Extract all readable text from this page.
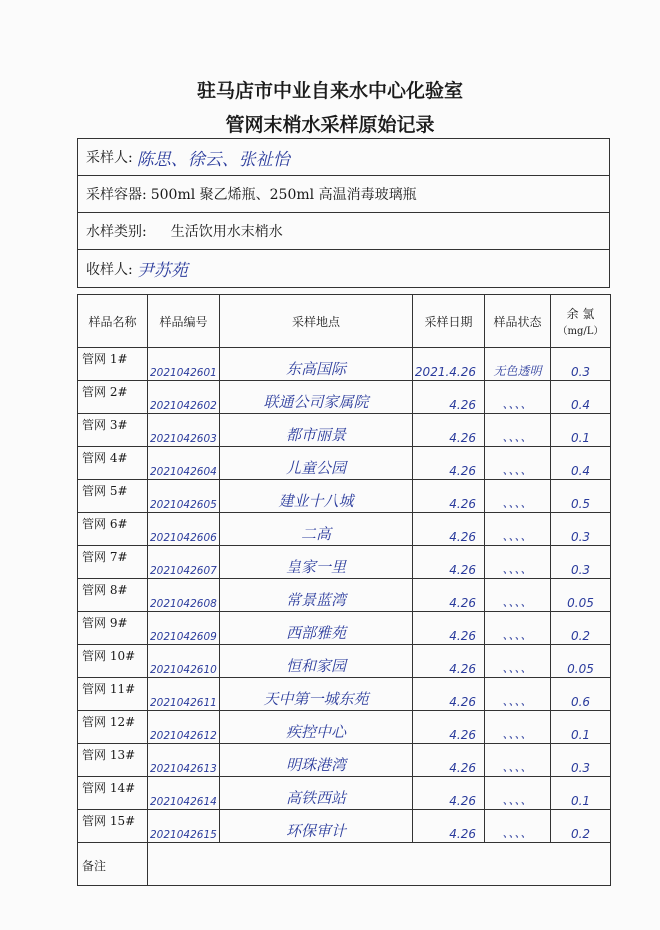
驻马店市中业自来水中心化验室
管网末梢水采样原始记录
采样人: 陈思、徐云、张祉怡
采样容器: 500ml 聚乙烯瓶、250ml 高温消毒玻璃瓶
水样类别: 生活饮用水末梢水
收样人: 尹苏苑
样品名称	样品编号	采样地点	采样日期	样品状态	余 氯
（mg/L）

管网 1#	2021042601	东高国际	2021.4.26	无色透明	0.3

管网 2#	2021042602	联通公司家属院	4.26	、、、、	0.4

管网 3#	2021042603	都市丽景	4.26	、、、、	0.1

管网 4#	2021042604	儿童公园	4.26	、、、、	0.4

管网 5#	2021042605	建业十八城	4.26	、、、、	0.5

管网 6#	2021042606	二高	4.26	、、、、	0.3

管网 7#	2021042607	皇家一里	4.26	、、、、	0.3

管网 8#	2021042608	常景蓝湾	4.26	、、、、	0.05

管网 9#	2021042609	西部雅苑	4.26	、、、、	0.2

管网 10#	2021042610	恒和家园	4.26	、、、、	0.05

管网 11#	2021042611	天中第一城东苑	4.26	、、、、	0.6

管网 12#	2021042612	疾控中心	4.26	、、、、	0.1

管网 13#	2021042613	明珠港湾	4.26	、、、、	0.3

管网 14#	2021042614	高铁西站	4.26	、、、、	0.1

管网 15#	2021042615	环保审计	4.26	、、、、	0.2

备注					
